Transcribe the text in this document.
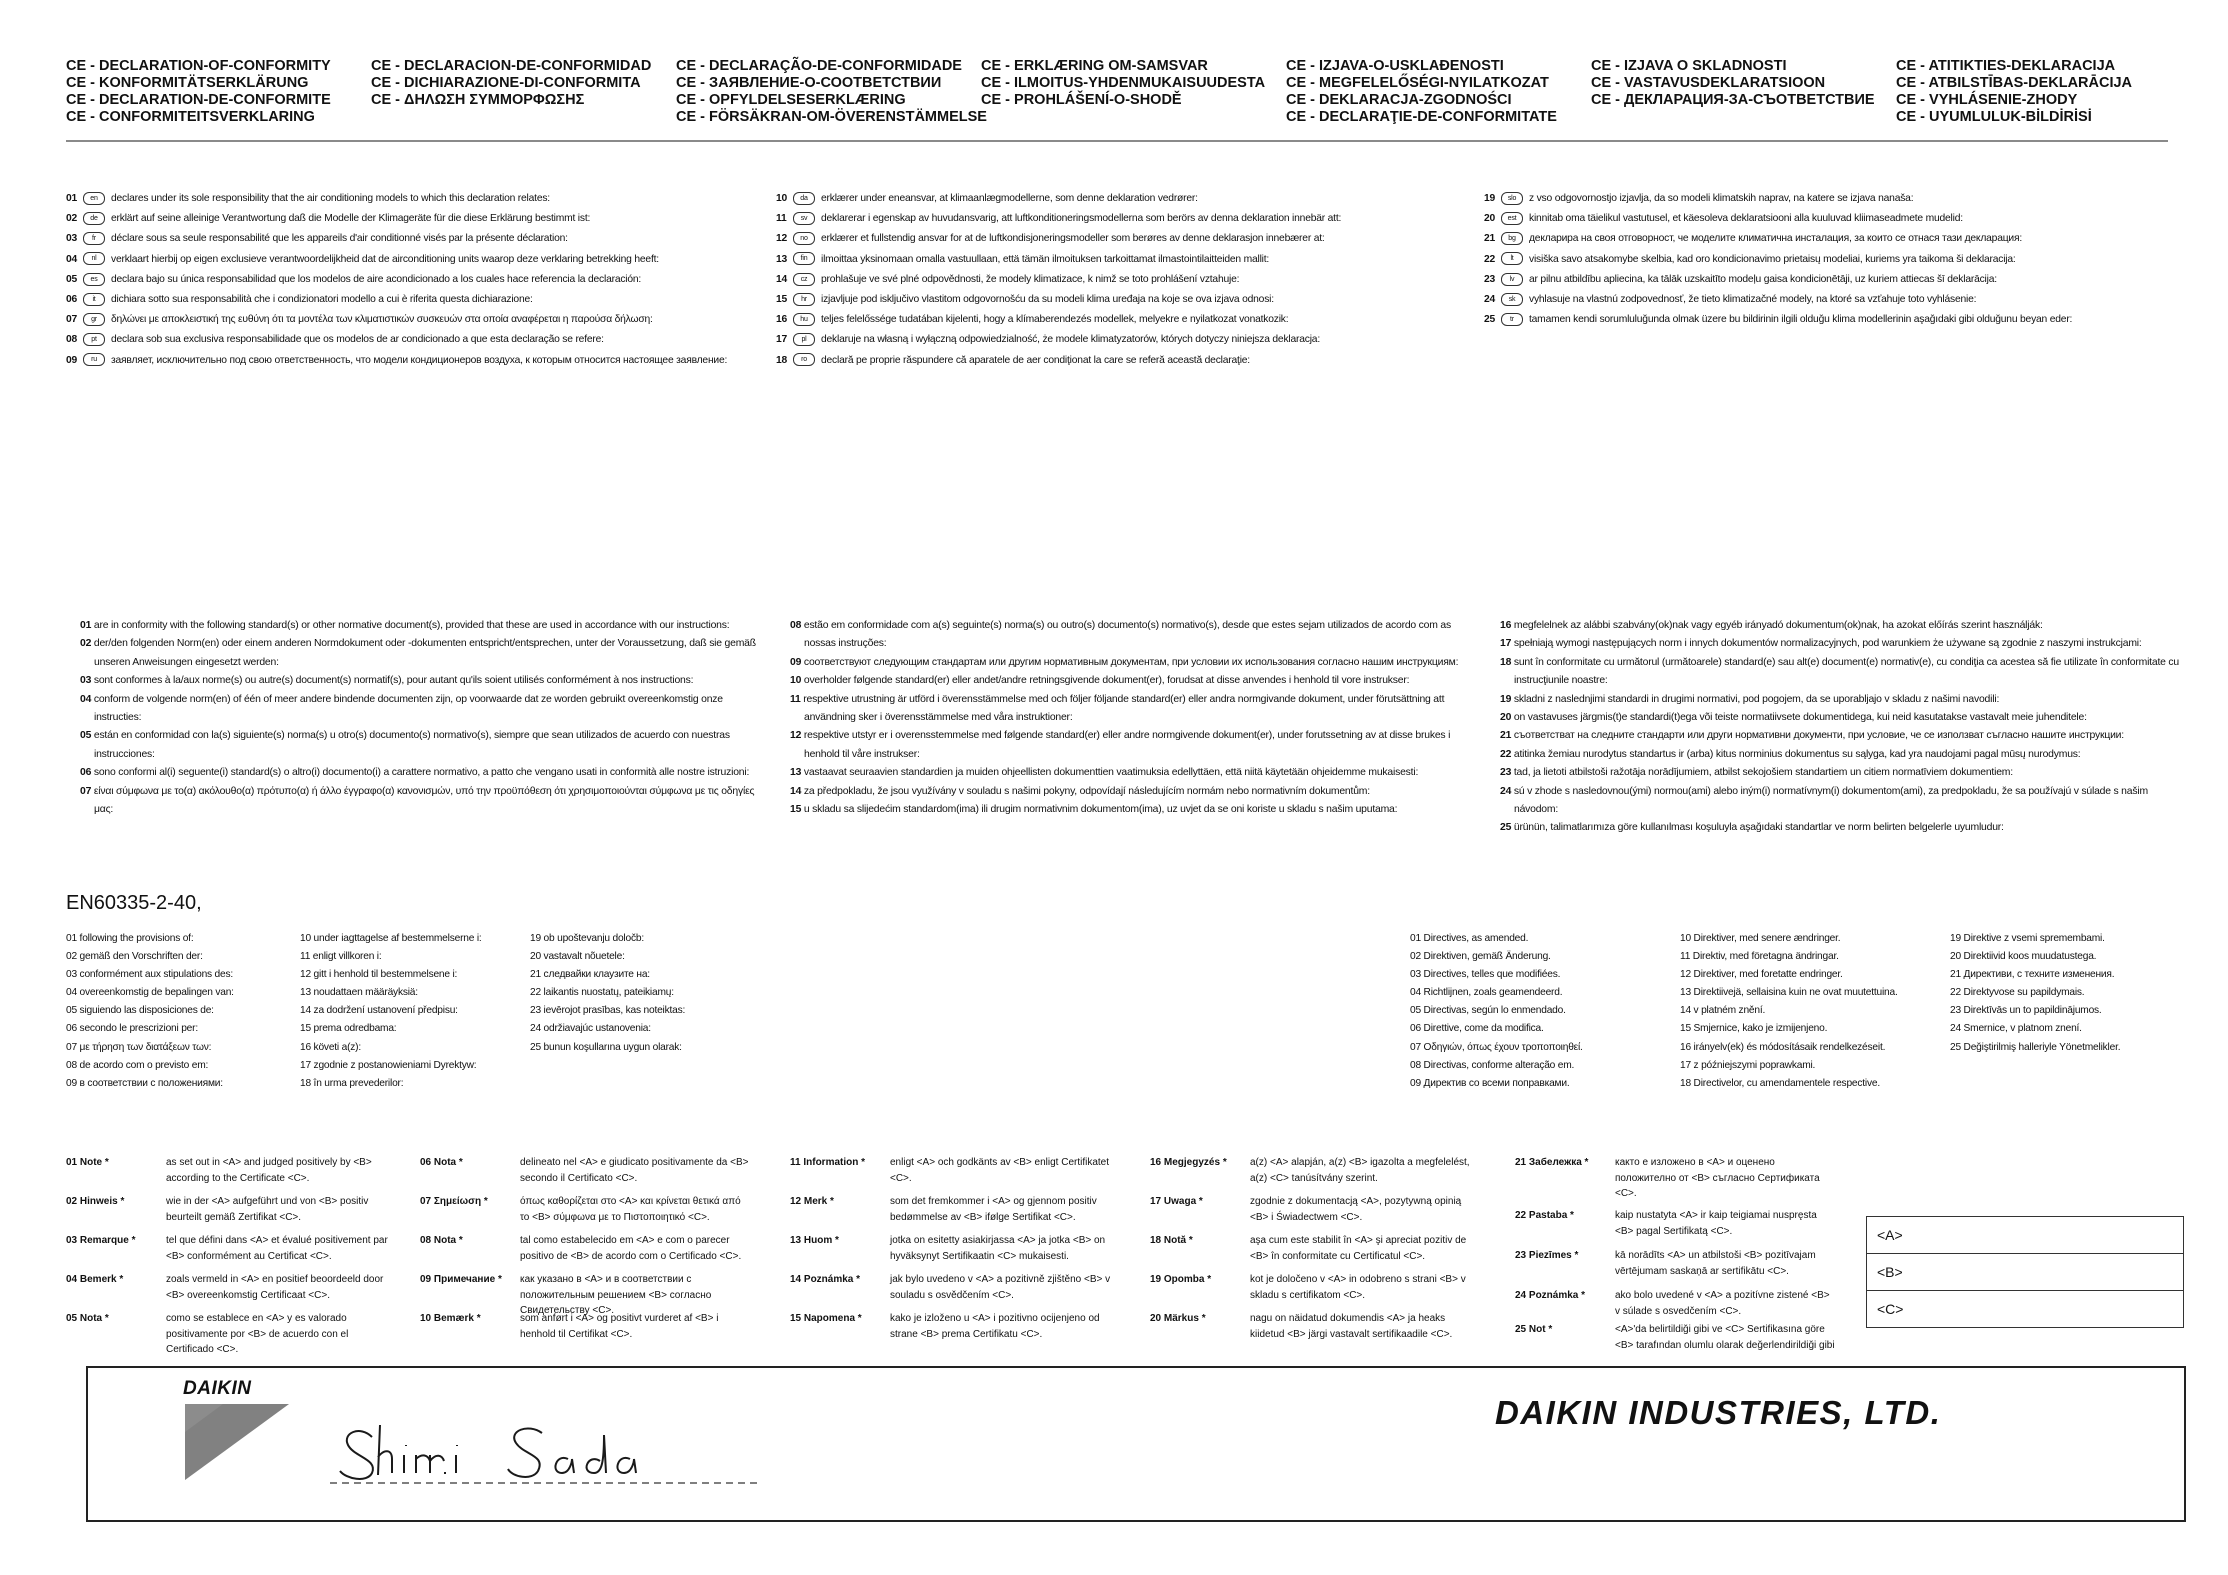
CE - DECLARATION-OF-CONFORMITY
CE - KONFORMITÄTSERKLÄRUNG
CE - DECLARATION-DE-CONFORMITE
CE - CONFORMITEITSVERKLARING
CE - DECLARACION-DE-CONFORMIDAD
CE - DICHIARAZIONE-DI-CONFORMITA
CE - ΔΗΛΩΣΗ ΣΥΜΜΟΡΦΩΣΗΣ
CE - DECLARAÇÃO-DE-CONFORMIDADE
CE - ЗАЯВЛЕНИЕ-О-СООТВЕТСТВИИ
CE - OPFYLDELSESERKLÆRING
CE - FÖRSÄKRAN-OM-ÖVERENSTÄMMELSE
CE - ERKLÆRING OM-SAMSVAR
CE - ILMOITUS-YHDENMUKAISUUDESTA
CE - PROHLÁŠENÍ-O-SHODĚ
CE - IZJAVA-O-USKLAĐENOSTI
CE - MEGFELELŐSÉGI-NYILATKOZAT
CE - DEKLARACJA-ZGODNOŚCI
CE - DECLARAŢIE-DE-CONFORMITATE
CE - IZJAVA O SKLADNOSTI
CE - VASTAVUSDEKLARATSIOON
CE - ДЕКЛАРАЦИЯ-ЗА-СЪОТВЕТСТВИЕ
CE - ATITIKTIES-DEKLARACIJA
CE - ATBILSTĪBAS-DEKLARĀCIJA
CE - VYHLÁSENIE-ZHODY
CE - UYUMLULUK-BİLDİRİSİ
01 en declares under its sole responsibility that the air conditioning models to which this declaration relates:
02 de erklärt auf seine alleinige Verantwortung daß die Modelle der Klimageräte für die diese Erklärung bestimmt ist:
03 fr déclare sous sa seule responsabilité que les appareils d'air conditionné visés par la présente déclaration:
04 nl verklaart hierbij op eigen exclusieve verantwoordelijkheid dat de airconditioning units waarop deze verklaring betrekking heeft:
05 es declara bajo su única responsabilidad que los modelos de aire acondicionado a los cuales hace referencia la declaración:
06 it dichiara sotto sua responsabilità che i condizionatori modello a cui è riferita questa dichiarazione:
07 gr δηλώνει με αποκλειστική της ευθύνη ότι τα μοντέλα των κλιματιστικών συσκευών στα οποία αναφέρεται η παρούσα δήλωση:
08 pt declara sob sua exclusiva responsabilidade que os modelos de ar condicionado a que esta declaração se refere:
09 ru заявляет, исключительно под свою ответственность, что модели кондиционеров воздуха, к которым относится настоящее заявление:
10 da erklærer under eneansvar, at klimaanlægmodellerne, som denne deklaration vedrører:
11 sv deklarerar i egenskap av huvudansvarig, att luftkonditioneringsmodellerna som berörs av denna deklaration innebär att:
12 no erklærer et fullstendig ansvar for at de luftkondisjoneringsmodeller som berøres av denne deklarasjon innebærer at:
13 fin ilmoittaa yksinomaan omalla vastuullaan, että tämän ilmoituksen tarkoittamat ilmastointilaitteiden mallit:
14 cz prohlašuje ve své plné odpovědnosti, že modely klimatizace, k nimž se toto prohlášení vztahuje:
15 hr izjavljuje pod isključivo vlastitom odgovornošću da su modeli klima uređaja na koje se ova izjava odnosi:
16 hu teljes felelőssége tudatában kijelenti, hogy a klímaberendezés modellek, melyekre e nyilatkozat vonatkozik:
17 pl deklaruje na własną i wyłączną odpowiedzialność, że modele klimatyzatorów, których dotyczy niniejsza deklaracja:
18 ro declară pe proprie răspundere că aparatele de aer condiţionat la care se referă această declaraţie:
19 slo z vso odgovornostjo izjavlja, da so modeli klimatskih naprav, na katere se izjava nanaša:
20 est kinnitab oma täielikul vastutusel, et käesoleva deklaratsiooni alla kuuluvad kliimaseadmete mudelid:
21 bg декларира на своя отговорност, че моделите климатична инсталация, за които се отнася тази декларация:
22 lt visiška savo atsakomybe skelbia, kad oro kondicionavimo prietaisų modeliai, kuriems yra taikoma ši deklaracija:
23 lv ar pilnu atbildību apliecina, ka tālāk uzskaitīto modeļu gaisa kondicionētāji, uz kuriem attiecas šī deklarācija:
24 sk vyhlasuje na vlastnú zodpovednosť, že tieto klimatizačné modely, na ktoré sa vzťahuje toto vyhlásenie:
25 tr tamamen kendi sorumluluğunda olmak üzere bu bildirinin ilgili olduğu klima modellerinin aşağıdaki gibi olduğunu beyan eder:
01 are in conformity with the following standard(s) or other normative document(s), provided that these are used in accordance with our instructions:
02 der/den folgenden Norm(en) oder einem anderen Normdokument oder -dokumenten entspricht/entsprechen, unter der Voraussetzung, daß sie gemäß unseren Anweisungen eingesetzt werden:
03 sont conformes à la/aux norme(s) ou autre(s) document(s) normatif(s), pour autant qu'ils soient utilisés conformément à nos instructions:
04 conform de volgende norm(en) of één of meer andere bindende documenten zijn, op voorwaarde dat ze worden gebruikt overeenkomstig onze instructies:
05 están en conformidad con la(s) siguiente(s) norma(s) u otro(s) documento(s) normativo(s), siempre que sean utilizados de acuerdo con nuestras instrucciones:
06 sono conformi al(i) seguente(i) standard(s) o altro(i) documento(i) a carattere normativo, a patto che vengano usati in conformità alle nostre istruzioni:
07 είναι σύμφωνα με το(α) ακόλουθο(α) πρότυπο(α) ή άλλο έγγραφο(α) κανονισμών, υπό την προϋπόθεση ότι χρησιμοποιούνται σύμφωνα με τις οδηγίες μας:
08 estão em conformidade com a(s) seguinte(s) norma(s) ou outro(s) documento(s) normativo(s), desde que estes sejam utilizados de acordo com as nossas instruções:
09 соответствуют следующим стандартам или другим нормативным документам, при условии их использования согласно нашим инструкциям:
10 overholder følgende standard(er) eller andet/andre retningsgivende dokument(er), forudsat at disse anvendes i henhold til vore instrukser:
11 respektive utrustning är utförd i överensstämmelse med och följer följande standard(er) eller andra normgivande dokument, under förutsättning att användning sker i överensstämmelse med våra instruktioner:
12 respektive utstyr er i overensstemmelse med følgende standard(er) eller andre normgivende dokument(er), under forutssetning av at disse brukes i henhold til våre instrukser:
13 vastaavat seuraavien standardien ja muiden ohjeellisten dokumenttien vaatimuksia edellyttäen, että niitä käytetään ohjeidemme mukaisesti:
14 za předpokladu, že jsou využívány v souladu s našimi pokyny, odpovídají následujícím normám nebo normativním dokumentům:
15 u skladu sa slijedećim standardom(ima) ili drugim normativnim dokumentom(ima), uz uvjet da se oni koriste u skladu s našim uputama:
16 megfelelnek az alábbi szabvány(ok)nak vagy egyéb irányadó dokumentum(ok)nak, ha azokat előírás szerint használják:
17 spełniają wymogi następujących norm i innych dokumentów normalizacyjnych, pod warunkiem że używane są zgodnie z naszymi instrukcjami:
18 sunt în conformitate cu următorul (următoarele) standard(e) sau alt(e) document(e) normativ(e), cu condiţia ca acestea să fie utilizate în conformitate cu instrucţiunile noastre:
19 skladni z naslednjimi standardi in drugimi normativi, pod pogojem, da se uporabljajo v skladu z našimi navodili:
20 on vastavuses järgmis(t)e standardi(t)ega või teiste normatiivsete dokumentidega, kui neid kasutatakse vastavalt meie juhenditele:
21 съответстват на следните стандарти или други нормативни документи, при условие, че се използват съгласно нашите инструкции:
22 atitinka žemiau nurodytus standartus ir (arba) kitus norminius dokumentus su sąlyga, kad yra naudojami pagal mūsų nurodymus:
23 tad, ja lietoti atbilstoši ražotāja norādījumiem, atbilst sekojošiem standartiem un citiem normatīviem dokumentiem:
24 sú v zhode s nasledovnou(ými) normou(ami) alebo iným(i) normatívnym(i) dokumentom(ami), za predpokladu, že sa používajú v súlade s našim návodom:
25 ürünün, talimatlarımıza göre kullanılması koşuluyla aşağıdaki standartlar ve norm belirten belgelerle uyumludur:
EN60335-2-40,
01 following the provisions of:
02 gemäß den Vorschriften der:
03 conformément aux stipulations des:
04 overeenkomstig de bepalingen van:
05 siguiendo las disposiciones de:
06 secondo le prescrizioni per:
07 με τήρηση των διατάξεων των:
08 de acordo com o previsto em:
09 в соответствии с положениями:
10 under iagttagelse af bestemmelserne i:
11 enligt villkoren i:
12 gitt i henhold til bestemmelsene i:
13 noudattaen määräyksiä:
14 za dodržení ustanovení předpisu:
15 prema odredbama:
16 követi a(z):
17 zgodnie z postanowieniami Dyrektyw:
18 în urma prevederilor:
19 ob upoštevanju določb:
20 vastavalt nõuetele:
21 следвайки клаузите на:
22 laikantis nuostatų, pateikiamų:
23 ievērojot prasības, kas noteiktas:
24 održiavajúc ustanovenia:
25 bunun koşullarına uygun olarak:
01 Directives, as amended.
02 Direktiven, gemäß Änderung.
03 Directives, telles que modifiées.
04 Richtlijnen, zoals geamendeerd.
05 Directivas, según lo enmendado.
06 Direttive, come da modifica.
07 Οδηγιών, όπως έχουν τροποποιηθεί.
08 Directivas, conforme alteração em.
09 Директив со всеми поправками.
10 Direktiver, med senere ændringer.
11 Direktiv, med företagna ändringar.
12 Direktiver, med foretatte endringer.
13 Direktiivejä, sellaisina kuin ne ovat muutettuina.
14 v platném znění.
15 Smjernice, kako je izmijenjeno.
16 irányelv(ek) és módosításaik rendelkezéseit.
17 z późniejszymi poprawkami.
18 Directivelor, cu amendamentele respective.
19 Direktive z vsemi spremembami.
20 Direktiivid koos muudatustega.
21 Директиви, с техните изменения.
22 Direktyvose su papildymais.
23 Direktīvās un to papildinājumos.
24 Smernice, v platnom znení.
25 Değiştirilmiş halleriyle Yönetmelikler.
01 Note *	as set out in <A> and judged positively by <B> according to the Certificate <C>.
02 Hinweis *	wie in der <A> aufgeführt und von <B> positiv beurteilt gemäß Zertifikat <C>.
03 Remarque *	tel que défini dans <A> et évalué positivement par <B> conformément au Certificat <C>.
04 Bemerk *	zoals vermeld in <A> en positief beoordeeld door <B> overeenkomstig Certificaat <C>.
05 Nota *	como se establece en <A> y es valorado positivamente por <B> de acuerdo con el Certificado <C>.
06 Nota *	delineato nel <A> e giudicato positivamente da <B> secondo il Certificato <C>.
07 Σημείωση *	όπως καθορίζεται στο <A> και κρίνεται θετικά από το <B> σύμφωνα με το Πιστοποιητικό <C>.
08 Nota *	tal como estabelecido em <A> e com o parecer positivo de <B> de acordo com o Certificado <C>.
09 Примечание *	как указано в <A> и в соответствии с положительным решением <B> согласно Свидетельству <C>.
10 Bemærk *	som anført i <A> og positivt vurderet af <B> i henhold til Certifikat <C>.
11 Information *	enligt <A> och godkänts av <B> enligt Certifikatet <C>.
12 Merk *	som det fremkommer i <A> og gjennom positiv bedømmelse av <B> ifølge Sertifikat <C>.
13 Huom *	jotka on esitetty asiakirjassa <A> ja jotka <B> on hyväksynyt Sertifikaatin <C> mukaisesti.
14 Poznámka *	jak bylo uvedeno v <A> a pozitivně zjištěno <B> v souladu s osvědčením <C>.
15 Napomena *	kako je izloženo u <A> i pozitivno ocijenjeno od strane <B> prema Certifikatu <C>.
16 Megjegyzés *	a(z) <A> alapján, a(z) <B> igazolta a megfelelést, a(z) <C> tanúsítvány szerint.
17 Uwaga *	zgodnie z dokumentacją <A>, pozytywną opinią <B> i Świadectwem <C>.
18 Notă *	aşa cum este stabilit în <A> şi apreciat pozitiv de <B> în conformitate cu Certificatul <C>.
19 Opomba *	kot je določeno v <A> in odobreno s strani <B> v skladu s certifikatom <C>.
20 Märkus *	nagu on näidatud dokumendis <A> ja heaks kiidetud <B> järgi vastavalt sertifikaadile <C>.
21 Забележка *	както е изложено в <A> и оценено положително от <B> съгласно Сертификата <C>.
22 Pastaba *	kaip nustatyta <A> ir kaip teigiamai nuspręsta <B> pagal Sertifikatą <C>.
23 Piezīmes *	kā norādīts <A> un atbilstoši <B> pozitīvajam vērtējumam saskaņā ar sertifikātu <C>.
24 Poznámka *	ako bolo uvedené v <A> a pozitívne zistené <B> v súlade s osvedčením <C>.
25 Not *	<A>'da belirtildiği gibi ve <C> Sertifikasına göre <B> tarafından olumlu olarak değerlendirildiği gibi
<A>
<B>
<C>
DAIKIN
DAIKIN INDUSTRIES, LTD.
